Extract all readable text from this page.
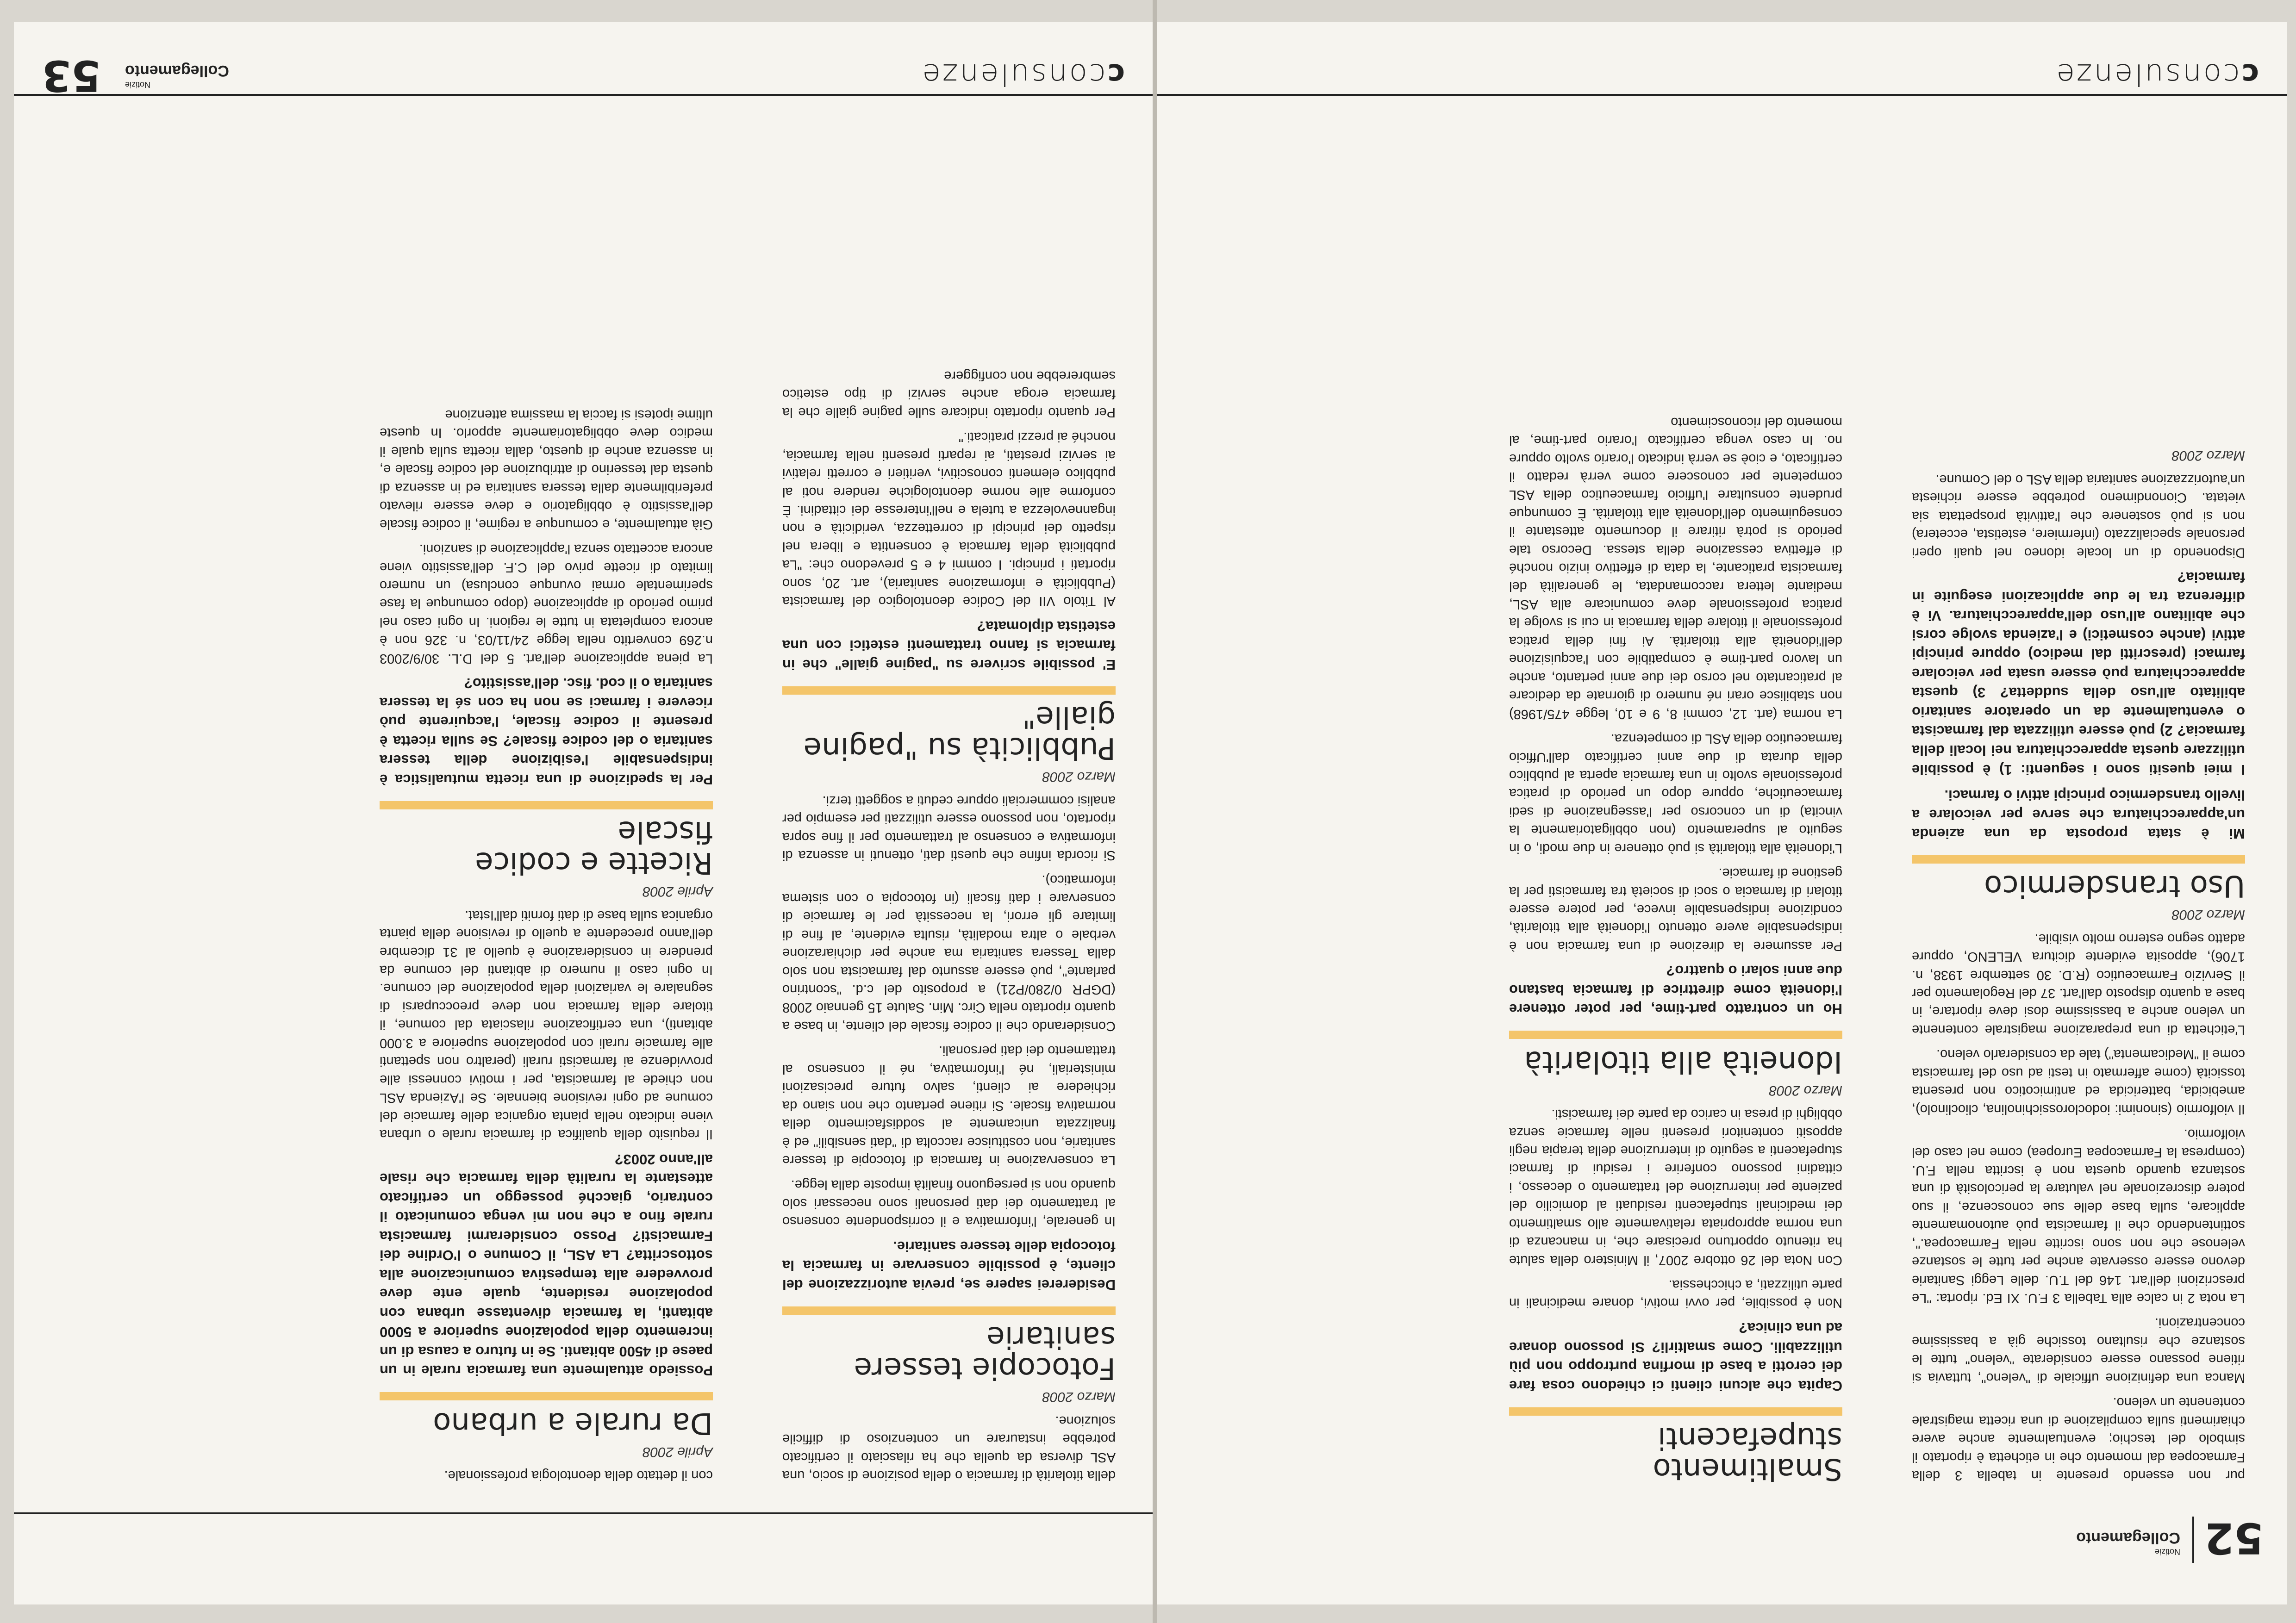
52
Notizie
Collegamento

pur non essendo presente in tabella 3 della Farmacopea dal momento che in etichetta è riportato il simbolo del teschio; eventualmente anche avere chiarimenti sulla compilazione di una ricetta magistrale contenente un veleno.

Manca una definizione ufficiale di "veleno", tuttavia si ritiene possano essere considerate "veleno" tutte le sostanze che risultano tossiche già a bassissime concentrazioni.

La nota 2 in calce alla Tabella 3 F.U. XI Ed. riporta: "Le prescrizioni dell'art. 146 del T.U. delle Leggi Sanitarie devono essere osservate anche per tutte le sostanze velenose che non sono iscritte nella Farmacopea.", sottintendendo che il farmacista può autonomamente applicare, sulla base delle sue conoscenze, il suo potere discrezionale nel valutare la pericolosità di una sostanza quando questa non è iscritta nella F.U. (compresa la Farmacopea Europea) come nel caso del violformio.

Il violformio (sinonimi: iodoclorossichinolina, clioclinolo), amebicida, battericida ed antimicotico non presenta tossicità (come affermato in testi ad uso del farmacista come il "Medicamenta") tale da considerarlo veleno.

L'etichetta di una preparazione magistrale contenente un veleno anche a bassissime dosi deve riportare, in base a quanto disposto dall'art. 37 del Regolamento per il Servizio Farmaceutico (R.D. 30 settembre 1938, n. 1706), apposita evidente dicitura VELENO, oppure adatto segno esterno molto visibile.

Marzo 2008

Uso transdermico

Mi è stata proposta da una azienda un'apparecchiatura che serve per veicolare a livello transdermico principi attivi o farmaci.

I miei quesiti sono i seguenti: 1) è possibile utilizzare questa apparecchiatura nei locali della farmacia? 2) può essere utilizzata dal farmacista o eventualmente da un operatore sanitario abilitato all'uso della suddetta? 3) questa apparecchiatura può essere usata per veicolare farmaci (prescritti dal medico) oppure principi attivi (anche cosmetici) e l'azienda svolge corsi che abilitano all'uso dell'apparecchiatura. Vi è differenza tra le due applicazioni eseguite in farmacia?

Disponendo di un locale idoneo nel quali operi personale specializzato (infermiere, estetista, eccetera) non si può sostenere che l'attività prospettata sia vietata. Cionondimeno potrebbe essere richiesta un'autorizzazione sanitaria della ASL o del Comune.

Marzo 2008

Smaltimento stupefacenti

Capita che alcuni clienti ci chiedono cosa fare dei cerotti a base di morfina purtroppo non più utilizzabili. Come smaltirli? Si possono donare ad una clinica?

Non è possibile, per ovvi motivi, donare medicinali in parte utilizzati, a chicchessia.

Con Nota del 26 ottobre 2007, il Ministero della salute ha ritenuto opportuno precisare che, in mancanza di una norma appropriata relativamente allo smaltimento dei medicinali stupefacenti residuati al domicilio del paziente per interruzione del trattamento o decesso, i cittadini possono conferire i residui di farmaci stupefacenti a seguito di interruzione della terapia negli appositi contenitori presenti nelle farmacie senza obblighi di presa in carico da parte dei farmacisti.

Marzo 2008

Idoneità alla titolarità

Ho un contratto part-time, per poter ottenere l'idoneità come direttrice di farmacia bastano due anni solari o quattro?

Per assumere la direzione di una farmacia non è indispensabile avere ottenuto l'idoneità alla titolarità, condizione indispensabile invece, per potere essere titolari di farmacia o soci di società tra farmacisti per la gestione di farmacie.

L'idoneità alla titolarità si può ottenere in due modi, o in seguito al superamento (non obbligatoriamente la vincita) di un concorso per l'assegnazione di sedi farmaceutiche, oppure dopo un periodo di pratica professionale svolto in una farmacia aperta al pubblico della durata di due anni certificato dall'Ufficio farmaceutico della ASL di competenza.

La norma (art. 12, commi 8, 9 e 10, legge 475/1968) non stabilisce orari né numero di giornate da dedicare al praticantato nel corso dei due anni pertanto, anche un lavoro part-time è compatibile con l'acquisizione dell'idoneità alla titolarità. Ai fini della pratica professionale il titolare della farmacia in cui si svolge la pratica professionale deve comunicare alla ASL, mediante lettera raccomandata, le generalità del farmacista praticante, la data di effettivo inizio nonché di effettiva cessazione della stessa. Decorso tale periodo si potrà ritirare il documento attestante il conseguimento dell'idoneità alla titolarità. È comunque prudente consultare l'ufficio farmaceutico della ASL competente per conoscere come verrà redatto il certificato, e cioè se verrà indicato l'orario svolto oppure no. In caso venga certificato l'orario part-time, al momento del riconoscimento

cconsulenze

della titolarità di farmacia o della posizione di socio, una ASL diversa da quella che ha rilasciato il certificato potrebbe instaurare un contenzioso di difficile soluzione.

Marzo 2008

Fotocopie tessere sanitarie

Desidererei sapere se, previa autorizzazione del cliente, è possibile conservare in farmacia la fotocopia delle tessere sanitarie.

In generale, l'informativa e il corrispondente consenso al trattamento dei dati personali sono necessari solo quando non si perseguono finalità imposte dalla legge.

La conservazione in farmacia di fotocopie di tessere sanitarie, non costituisce raccolta di "dati sensibili" ed è finalizzata unicamente al soddisfacimento della normativa fiscale. Si ritiene pertanto che non siano da richiedere ai clienti, salvo future precisazioni ministeriali, né l'informativa, né il consenso al trattamento dei dati personali.

Considerando che il codice fiscale del cliente, in base a quanto riportato nella Circ. Min. Salute 15 gennaio 2008 (DGPR 0/280/P21) a proposito del c.d. "scontrino parlante", può essere assunto dal farmacista non solo dalla Tessera sanitaria ma anche per dichiarazione verbale o altra modalità, risulta evidente, al fine di limitare gli errori, la necessità per le farmacie di conservare i dati fiscali (in fotocopia o con sistema informatico).

Si ricorda infine che questi dati, ottenuti in assenza di informativa e consenso al trattamento per il fine sopra riportato, non possono essere utilizzati per esempio per analisi commerciali oppure ceduti a soggetti terzi.

Marzo 2008

Pubblicità su "pagine gialle"

E' possibile scrivere su "pagine gialle" che in farmacia si fanno trattamenti estetici con una estetista diplomata?

Al Titolo VII del Codice deontologico del farmacista (Pubblicità e informazione sanitaria), art. 20, sono riportati i principi. I commi 4 e 5 prevedono che: "La pubblicità della farmacia è consentita e libera nel rispetto dei principi di correttezza, veridicità e non ingannevolezza a tutela e nell'interesse dei cittadini. È conforme alle norme deontologiche rendere noti al pubblico elementi conoscitivi, veritieri e corretti relativi ai servizi prestati, ai reparti presenti nella farmacia, nonché ai prezzi praticati."

Per quanto riportato indicare sulle pagine gialle che la farmacia eroga anche servizi di tipo estetico sembrerebbe non configgere

con il dettato della deontologia professionale.

Aprile 2008

Da rurale a urbano

Possiedo attualmente una farmacia rurale in un paese di 4500 abitanti. Se in futuro a causa di un incremento della popolazione superiore a 5000 abitanti, la farmacia diventasse urbana con popolazione residente, quale ente deve provvedere alla tempestiva comunicazione alla sottoscritta? La ASL, il Comune o l'Ordine dei Farmacisti? Posso considerarmi farmacista rurale fino a che non mi venga comunicato il contrario, giacché posseggo un certificato attestante la ruralità della farmacia che risale all'anno 2003?

Il requisito della qualifica di farmacia rurale o urbana viene indicato nella pianta organica delle farmacie del comune ad ogni revisione biennale. Se l'Azienda ASL non chiede al farmacista, per i motivi connessi alle provvidenze ai farmacisti rurali (peraltro non spettanti alle farmacie rurali con popolazione superiore a 3.000 abitanti), una certificazione rilasciata dal comune, il titolare della farmacia non deve preoccuparsi di segnalare le variazioni della popolazione del comune. In ogni caso il numero di abitanti del comune da prendere in considerazione è quello al 31 dicembre dell'anno precedente a quello di revisione della pianta organica sulla base di dati forniti dall'Istat.

Aprile 2008

Ricette e codice fiscale

Per la spedizione di una ricetta mutualistica è indispensabile l'esibizione della tessera sanitaria o del codice fiscale? Se sulla ricetta è presente il codice fiscale, l'acquirente può ricevere i farmaci se non ha con sé la tessera sanitaria o il cod. fisc. dell'assistito?

La piena applicazione dell'art. 5 del D.L. 30/9/2003 n.269 convertito nella legge 24/11/03, n. 326 non è ancora completata in tutte le regioni. In ogni caso nel primo periodo di applicazione (dopo comunque la fase sperimentale ormai ovunque conclusa) un numero limitato di ricette privo del C.F. dell'assistito viene ancora accettato senza l'applicazione di sanzioni.

Già attualmente, e comunque a regime, il codice fiscale dell'assistito è obbligatorio e deve essere rilevato preferibilmente dalla tessera sanitaria ed in assenza di questa dal tesserino di attribuzione del codice fiscale e, in assenza anche di questo, dalla ricetta sulla quale il medico deve obbligatoriamente apporlo. In queste ultime ipotesi si faccia la massima attenzione

cconsulenze
Notizie
Collegamento
53
